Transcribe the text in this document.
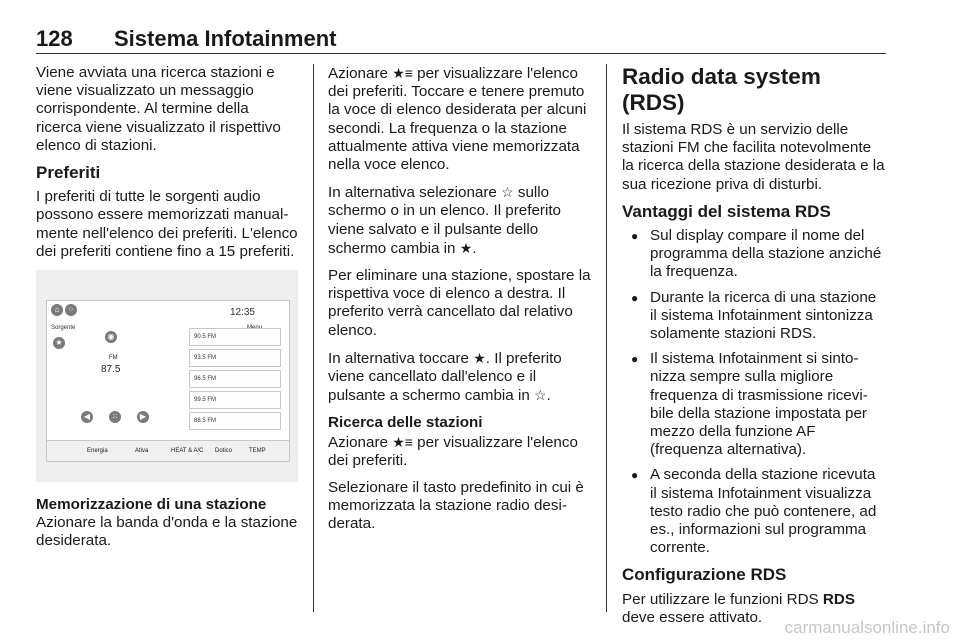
128 Sistema Infotainment

Viene avviata una ricerca stazioni e viene visualizzato un messaggio corrispondente. Al termine della ricerca viene visualizzato il rispettivo elenco di stazioni.

Preferiti

I preferiti di tutte le sorgenti audio possono essere memorizzati manualmente nell'elenco dei preferiti. L'elenco dei preferiti contiene fino a 15 preferiti.

⌂	⁘	12:35
Sorgente
★
◉
FM
87.5
◀	⁙	▶
90.5 FM
93.5 FM
96.5 FM
99.5 FM
88.5 FM
Energia	Ativa	HEAT & A/C Dotico	TEMP
Memorizzazione di una stazione

Azionare la banda d'onda e la stazione desiderata.

Azionare ★≡ per visualizzare l'elenco dei preferiti. Toccare e tenere premuto la voce di elenco desiderata per alcuni secondi. La frequenza o la stazione attualmente attiva viene memorizzata nella voce elenco.

In alternativa selezionare ☆ sullo schermo o in un elenco. Il preferito viene salvato e il pulsante dello schermo cambia in ★.

Per eliminare una stazione, spostare la rispettiva voce di elenco a destra. Il preferito verrà cancellato dal relativo elenco.

In alternativa toccare ★. Il preferito viene cancellato dall'elenco e il pulsante a schermo cambia in ☆.

Ricerca delle stazioni

Azionare ★≡ per visualizzare l'elenco dei preferiti.

Selezionare il tasto predefinito in cui è memorizzata la stazione radio desiderata.

Radio data system (RDS)

Il sistema RDS è un servizio delle stazioni FM che facilita notevolmente la ricerca della stazione desiderata e la sua ricezione priva di disturbi.

Vantaggi del sistema RDS
● Sul display compare il nome del programma della stazione anziché la frequenza.
● Durante la ricerca di una stazione il sistema Infotainment sintonizza solamente stazioni RDS.
● Il sistema Infotainment si sintonizza sempre sulla migliore frequenza di trasmissione ricevibile della stazione impostata per mezzo della funzione AF (frequenza alternativa).
● A seconda della stazione ricevuta il sistema Infotainment visualizza testo radio che può contenere, ad es., informazioni sul programma corrente.
Configurazione RDS

Per utilizzare le funzioni RDS RDS deve essere attivato.

carmanualsonline.info
